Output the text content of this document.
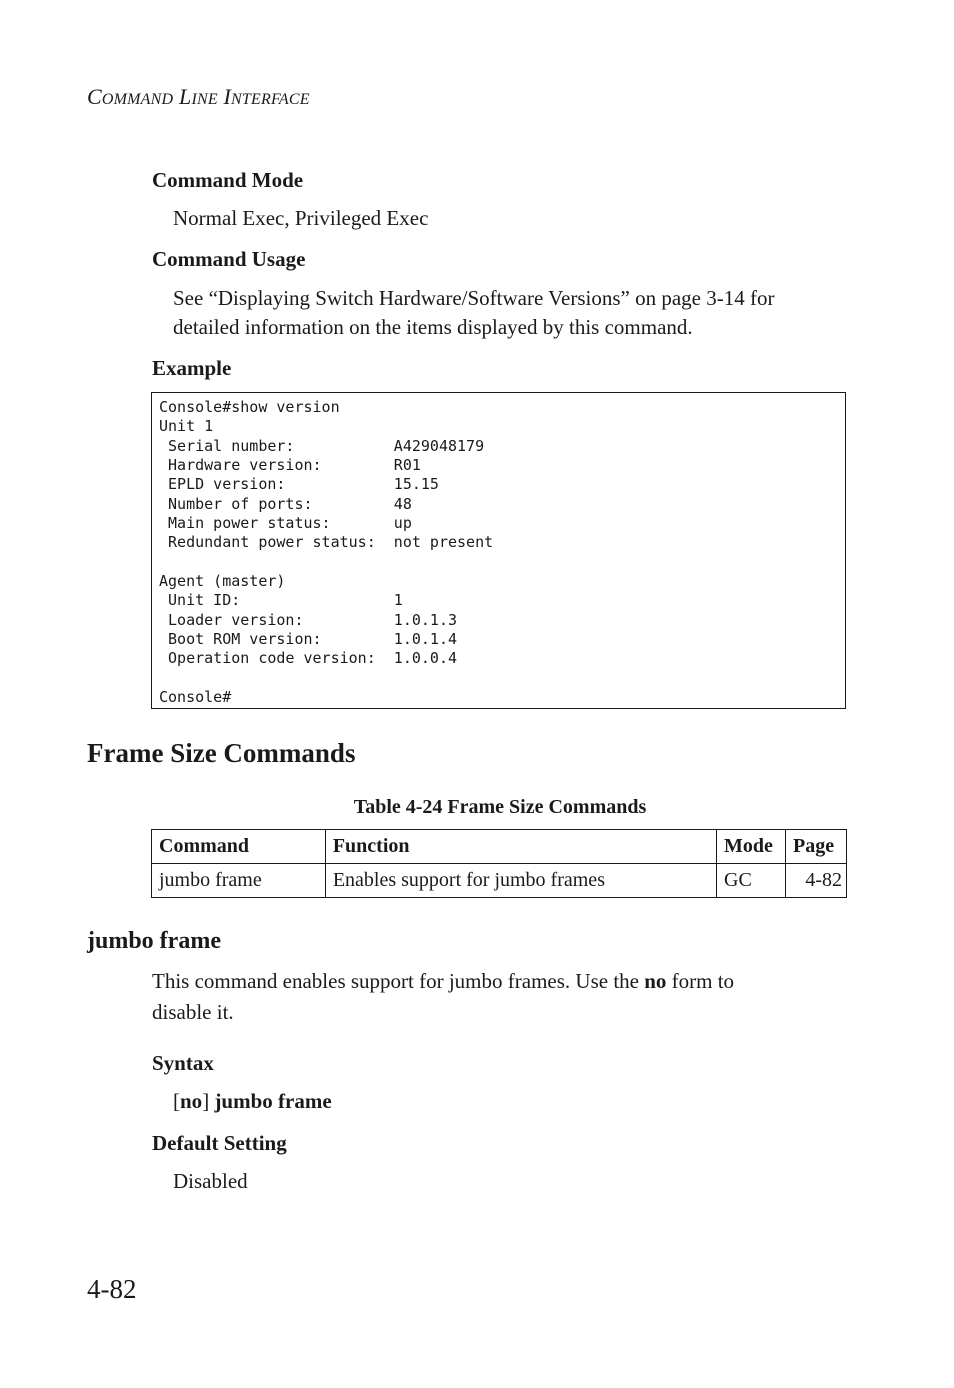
COMMAND LINE INTERFACE
Command Mode
Normal Exec, Privileged Exec
Command Usage
See “Displaying Switch Hardware/Software Versions” on page 3-14 for
detailed information on the items displayed by this command.
Example
Console#show version
Unit 1
Serial number:           A429048179
Hardware version:        R01
EPLD version:            15.15
Number of ports:         48
Main power status:       up
Redundant power status:  not present

Agent (master)
Unit ID:                 1
Loader version:          1.0.1.3
Boot ROM version:        1.0.1.4
Operation code version:  1.0.0.4

Console#
Frame Size Commands
Table 4-24 Frame Size Commands
Command	Function	Mode	Page
jumbo frame	Enables support for jumbo frames	GC	4-82
jumbo frame
This command enables support for jumbo frames. Use the no form to
disable it.
Syntax
[no] jumbo frame
Default Setting
Disabled
4-82
